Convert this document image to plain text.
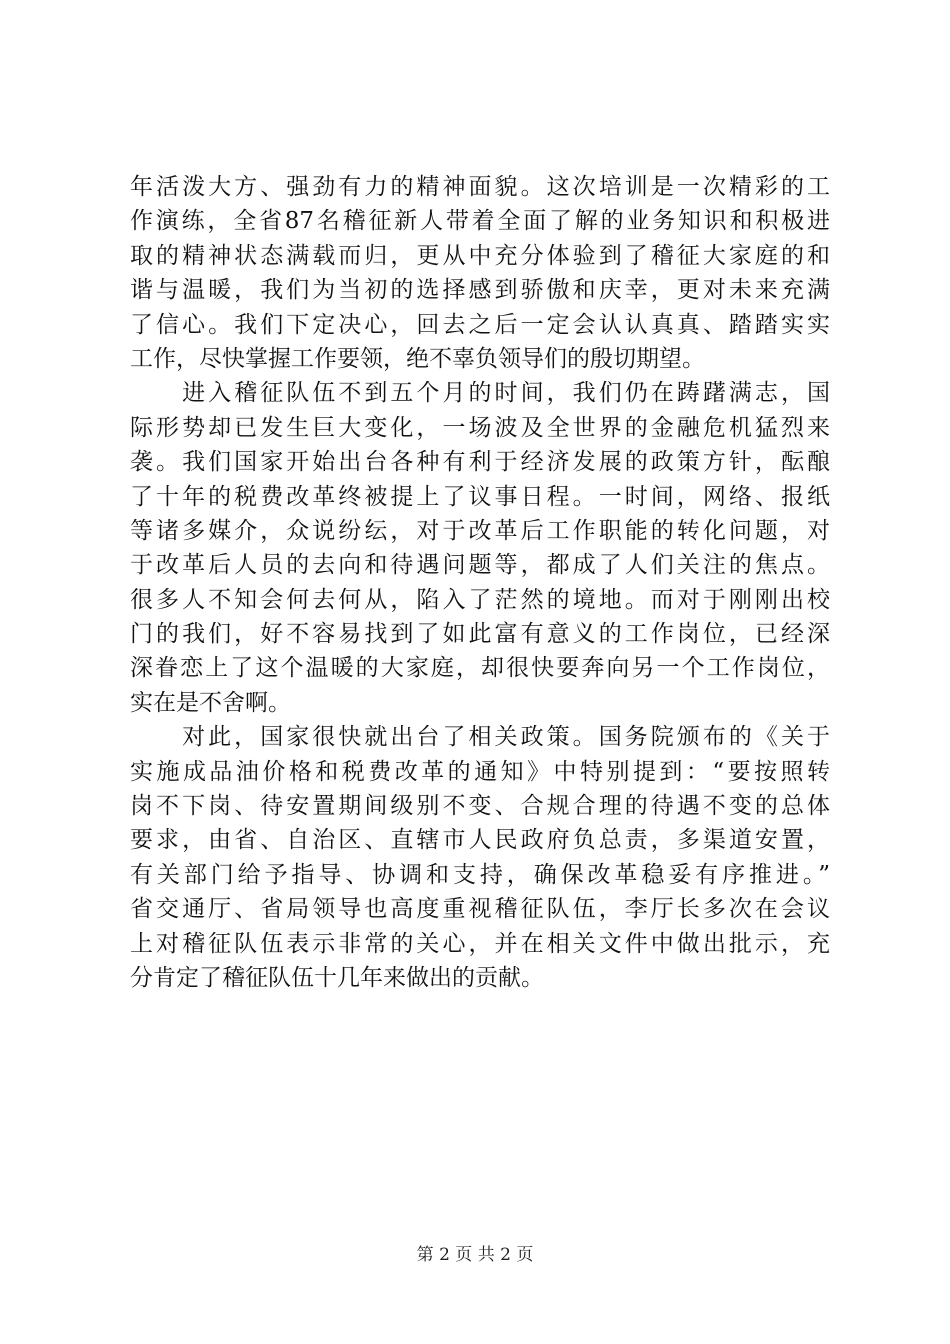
年活泼大方、强劲有力的精神面貌。这次培训是一次精彩的工
作演练，全省87名稽征新人带着全面了解的业务知识和积极进
取的精神状态满载而归，更从中充分体验到了稽征大家庭的和
谐与温暖，我们为当初的选择感到骄傲和庆幸，更对未来充满
了信心。我们下定决心，回去之后一定会认认真真、踏踏实实
工作，尽快掌握工作要领，绝不辜负领导们的殷切期望。
　　进入稽征队伍不到五个月的时间，我们仍在踌躇满志，国
际形势却已发生巨大变化，一场波及全世界的金融危机猛烈来
袭。我们国家开始出台各种有利于经济发展的政策方针，酝酿
了十年的税费改革终被提上了议事日程。一时间，网络、报纸
等诸多媒介，众说纷纭，对于改革后工作职能的转化问题，对
于改革后人员的去向和待遇问题等，都成了人们关注的焦点。
很多人不知会何去何从，陷入了茫然的境地。而对于刚刚出校
门的我们，好不容易找到了如此富有意义的工作岗位，已经深
深眷恋上了这个温暖的大家庭，却很快要奔向另一个工作岗位，
实在是不舍啊。
　　对此，国家很快就出台了相关政策。国务院颁布的《关于
实施成品油价格和税费改革的通知》中特别提到：“要按照转
岗不下岗、待安置期间级别不变、合规合理的待遇不变的总体
要求，由省、自治区、直辖市人民政府负总责，多渠道安置，
有关部门给予指导、协调和支持，确保改革稳妥有序推进。”
省交通厅、省局领导也高度重视稽征队伍，李厅长多次在会议
上对稽征队伍表示非常的关心，并在相关文件中做出批示，充
分肯定了稽征队伍十几年来做出的贡献。
第 2 页 共 2 页
